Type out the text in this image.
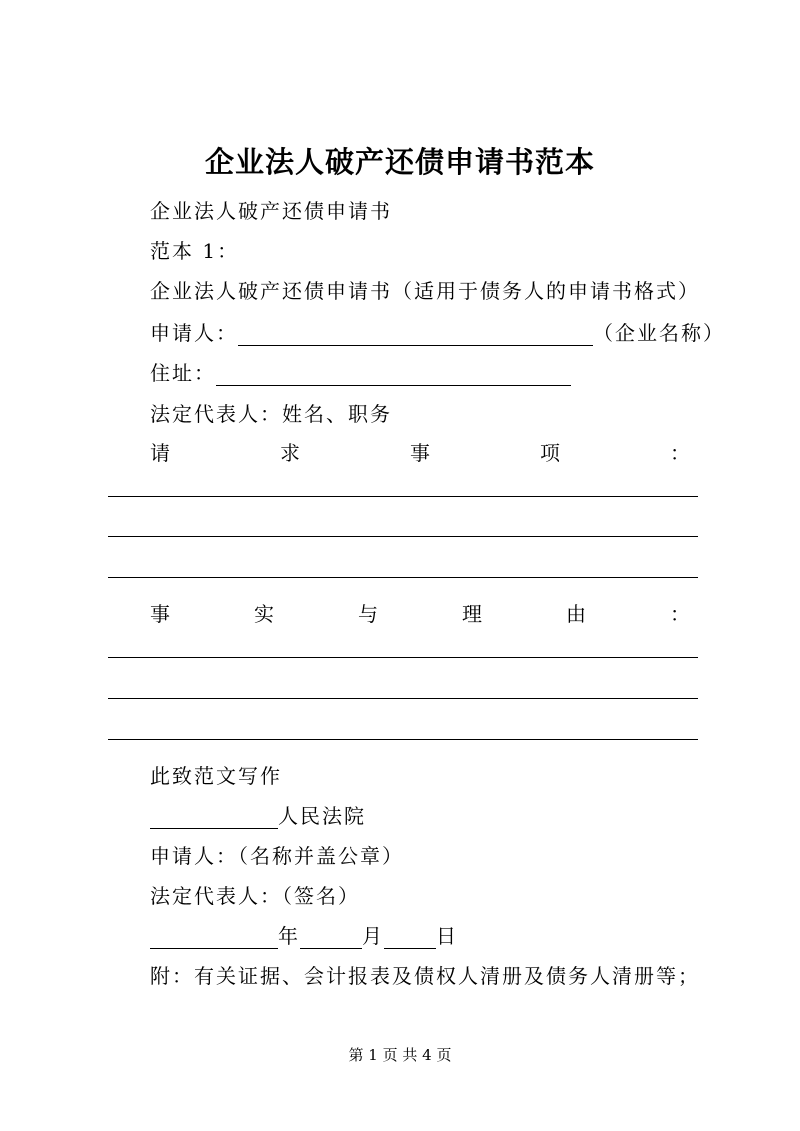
企业法人破产还债申请书范本
企业法人破产还债申请书
范本 1：
企业法人破产还债申请书（适用于债务人的申请书格式）
申请人：	（企业名称）
住址：
法定代表人：姓名、职务
请	求	事	项	：
事	实	与	理	由	：
此致范文写作
人民法院
申请人：（名称并盖公章）
法定代表人：（签名）
年	月	日
附：有关证据、会计报表及债权人清册及债务人清册等；
第 1 页 共 4 页
